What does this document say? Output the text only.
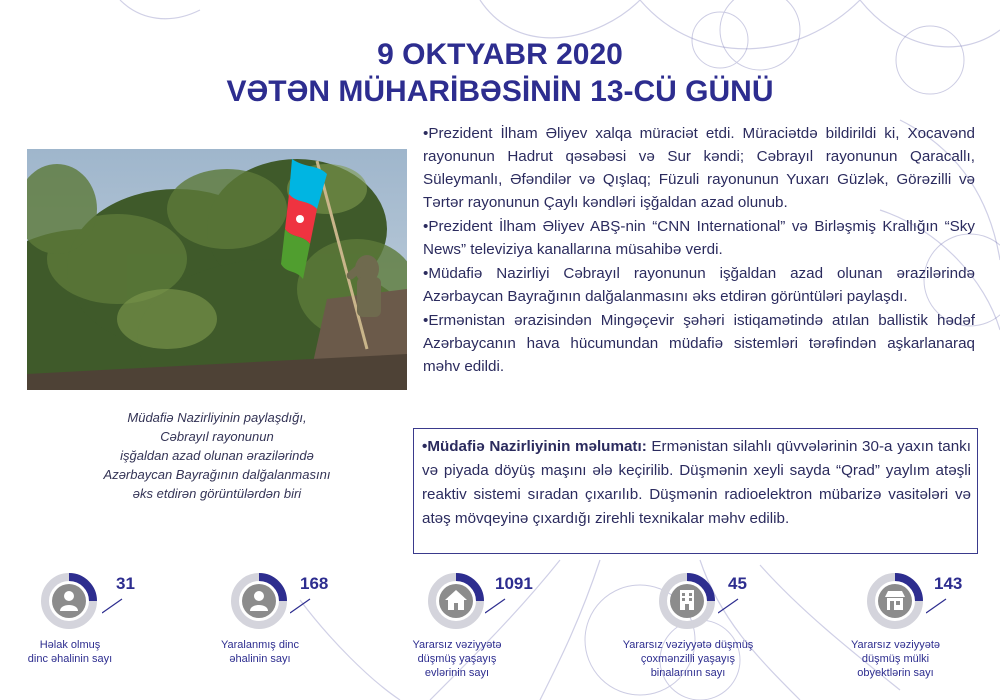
9 OKTYABR 2020
VƏTƏN MÜHARİBƏSİNİN 13-CÜ GÜNÜ
Müdafiə Nazirliyinin paylaşdığı,
Cəbrayıl rayonunun
işğaldan azad olunan ərazilərində
Azərbaycan Bayrağının dalğalanmasını
əks etdirən görüntülərdən biri

•Prezident İlham Əliyev xalqa müraciət etdi. Müraciətdə bildirildi ki, Xocavənd rayonunun Hadrut qəsəbəsi və Sur kəndi; Cəbrayıl rayonunun Qaracallı, Süleymanlı, Əfəndilər və Qışlaq; Füzuli rayonunun Yuxarı Güzlək, Görəzilli və Tərtər rayonunun Çaylı kəndləri işğaldan azad olunub.

•Prezident İlham Əliyev ABŞ-nin “CNN International” və Birləşmiş Krallığın “Sky News” televiziya kanallarına müsahibə verdi.

•Müdafiə Nazirliyi Cəbrayıl rayonunun işğaldan azad olunan ərazilərində Azərbaycan Bayrağının dalğalanmasını əks etdirən görüntüləri paylaşdı.

•Ermənistan ərazisindən Mingəçevir şəhəri istiqamətində atılan ballistik hədəf Azərbaycanın hava hücumundan müdafiə sistemləri tərəfindən aşkarlanaraq məhv edildi.

•Müdafiə Nazirliyinin məlumatı: Ermənistan silahlı qüvvələrinin 30-a yaxın tankı və piyada döyüş maşını ələ keçirilib. Düşmənin xeyli sayda “Qrad” yaylım atəşli reaktiv sistemi sıradan çıxarılıb. Düşmənin radioelektron mübarizə vasitələri və atəş mövqeyinə çıxardığı zirehli texnikalar məhv edilib.
31
Həlak olmuş
dinc əhalinin sayı
168
Yaralanmış dinc
əhalinin sayı
1091
Yararsız vəziyyətə
düşmüş yaşayış
evlərinin sayı
45
Yararsız vəziyyətə düşmüş
çoxmənzilli yaşayış
binalarının sayı
143
Yararsız vəziyyətə
düşmüş mülki
obyektlərin sayı
